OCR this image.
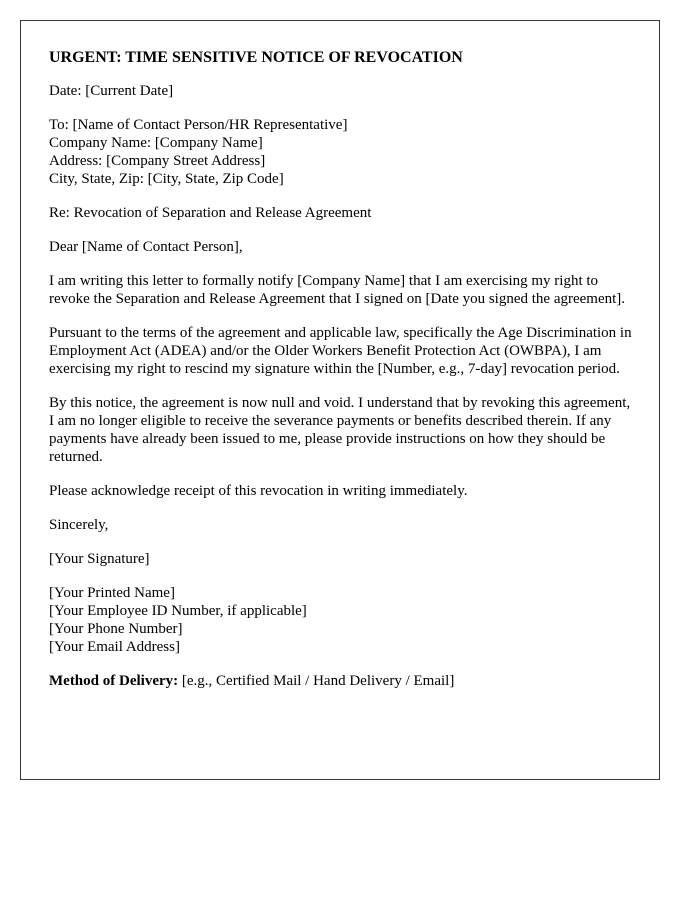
URGENT: TIME SENSITIVE NOTICE OF REVOCATION
Date: [Current Date]
To: [Name of Contact Person/HR Representative]
Company Name: [Company Name]
Address: [Company Street Address]
City, State, Zip: [City, State, Zip Code]
Re: Revocation of Separation and Release Agreement
Dear [Name of Contact Person],

I am writing this letter to formally notify [Company Name] that I am exercising my right to revoke the Separation and Release Agreement that I signed on [Date you signed the agreement].

Pursuant to the terms of the agreement and applicable law, specifically the Age Discrimination in Employment Act (ADEA) and/or the Older Workers Benefit Protection Act (OWBPA), I am exercising my right to rescind my signature within the [Number, e.g., 7-day] revocation period.

By this notice, the agreement is now null and void. I understand that by revoking this agreement, I am no longer eligible to receive the severance payments or benefits described therein. If any payments have already been issued to me, please provide instructions on how they should be returned.

Please acknowledge receipt of this revocation in writing immediately.

Sincerely,
[Your Signature]
[Your Printed Name]
[Your Employee ID Number, if applicable]
[Your Phone Number]
[Your Email Address]
Method of Delivery: [e.g., Certified Mail / Hand Delivery / Email]
